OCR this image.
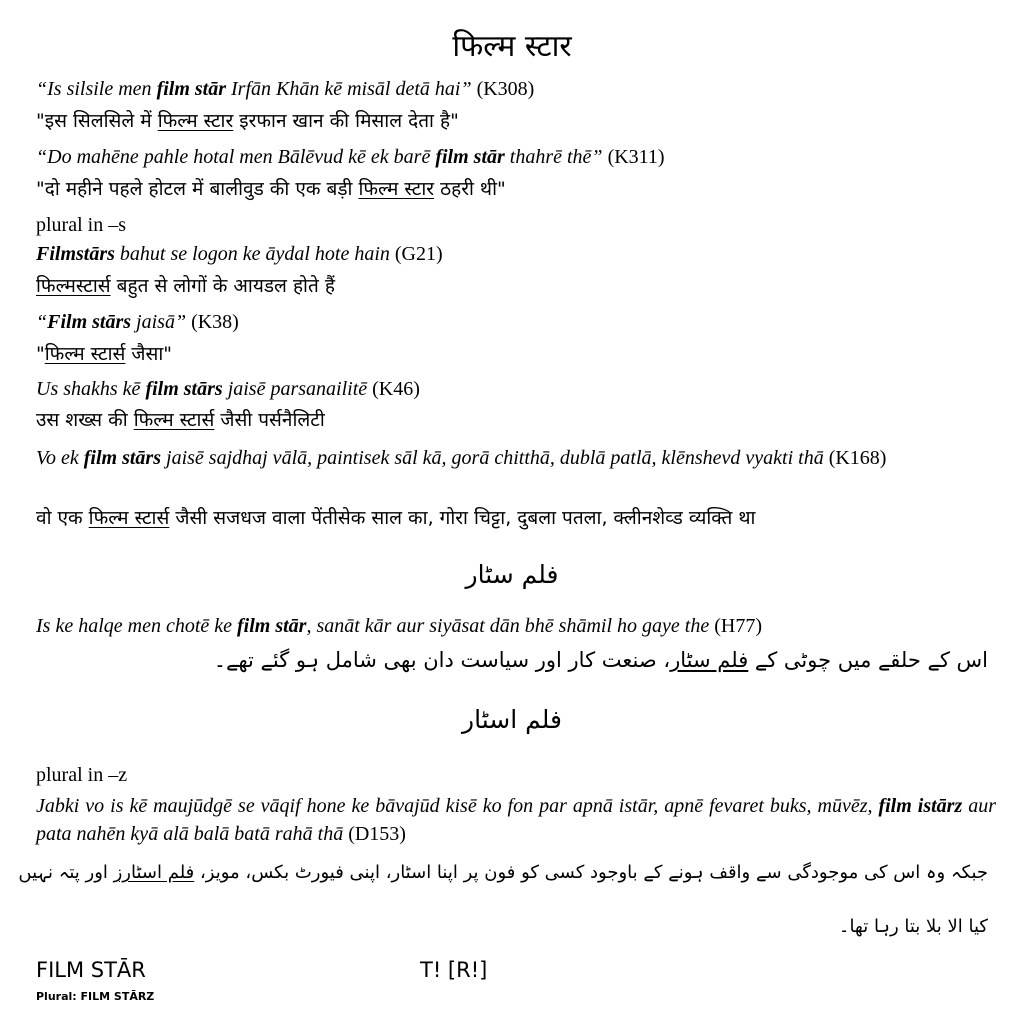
फिल्म स्टार
“Is silsile men film stār Irfān Khān kē misāl detā hai” (K308)
"इस सिलसिले में फिल्म स्टार इरफान खान की मिसाल देता है"
“Do mahēne pahle hotal men Bālēvud kē ek barē film stār thahrē thē” (K311)
"दो महीने पहले होटल में बालीवुड की एक बड़ी फिल्म स्टार ठहरी थी"
plural in –s
Filmstārs bahut se logon ke āydal hote hain (G21)
फिल्मस्टार्स बहुत से लोगों के आयडल होते हैं
“Film stārs jaisā” (K38)
"फिल्म स्टार्स जैसा"
Us shakhs kē film stārs jaisē parsanailitē (K46)
उस शख्स की फिल्म स्टार्स जैसी पर्सनैलिटी
Vo ek film stārs jaisē sajdhaj vālā, paintisek sāl kā, gorā chitthā, dublā patlā, klēnshevd vyakti thā (K168)
वो एक फिल्म स्टार्स जैसी सजधज वाला पेंतीसेक साल का, गोरा चिट्टा, दुबला पतला, क्लीनशेव्ड व्यक्ति था
فلم سٹار
Is ke halqe men chotē ke film stār, sanāt kār aur siyāsat dān bhē shāmil ho gaye the (H77)
اس کے حلقے میں چوٹی کے فلم سٹار، صنعت کار اور سیاست دان بھی شامل ہو گئے تھے۔
فلم اسٹار
plural in –z
Jabki vo is kē maujūdgē se vāqif hone ke bāvajūd kisē ko fon par apnā istār, apnē fevaret buks, mūvēz, film istārz aur pata nahēn kyā alā balā batā rahā thā (D153)
جبکہ وہ اس کی موجودگی سے واقف ہونے کے باوجود کسی کو فون پر اپنا اسٹار، اپنی فیورٹ بکس، مویز، فلم اسٹارز اور پتہ نہیں
کیا الا بلا بتا رہا تھا۔
FILM STĀR
Plural: FILM STĀRZ
T! [R!]
